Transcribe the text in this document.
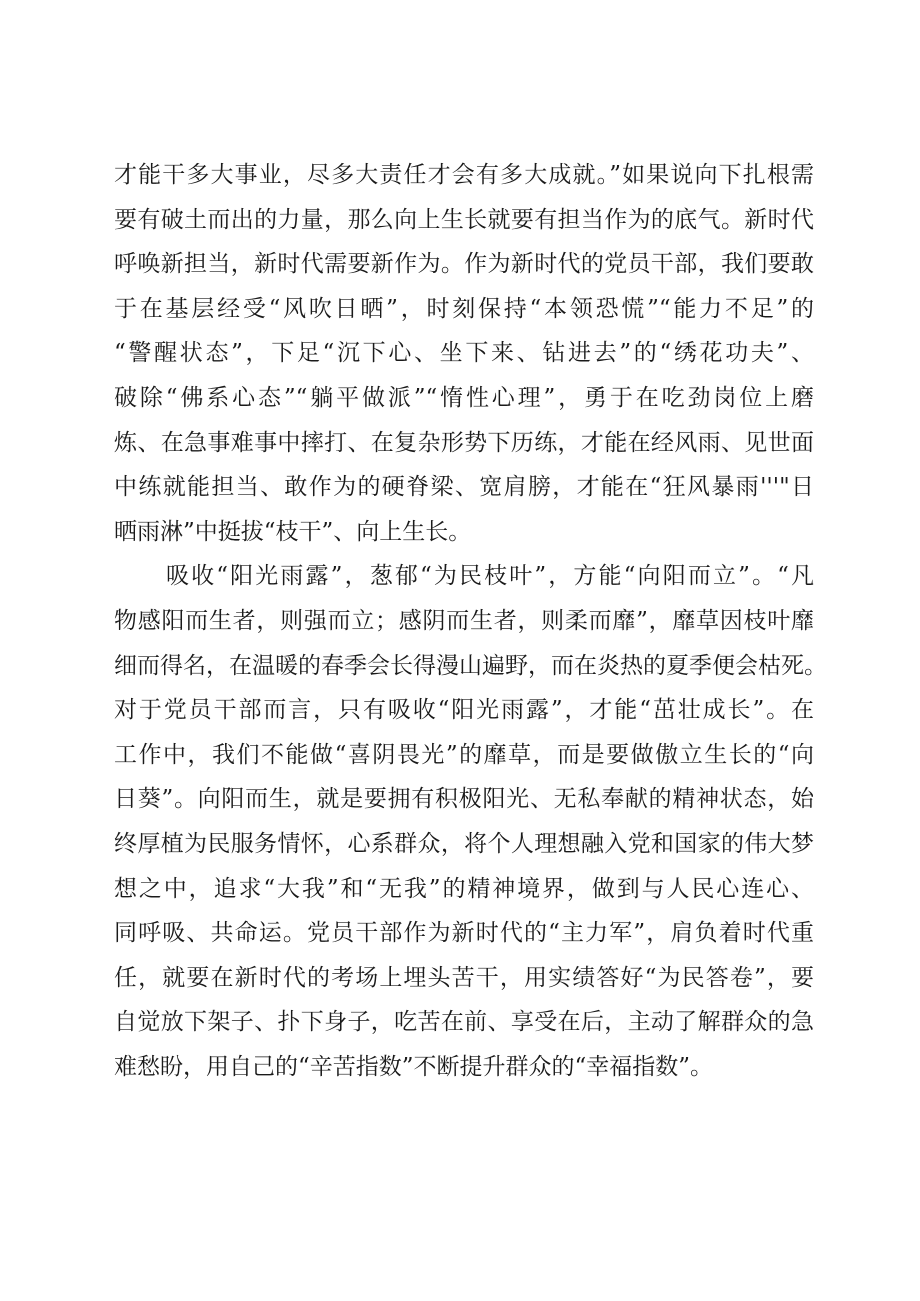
才能干多大事业，尽多大责任才会有多大成就。”如果说向下扎根需
要有破土而出的力量，那么向上生长就要有担当作为的底气。新时代
呼唤新担当，新时代需要新作为。作为新时代的党员干部，我们要敢
于在基层经受“风吹日晒”，时刻保持“本领恐慌”“能力不足”的
“警醒状态”，下足“沉下心、坐下来、钻进去”的“绣花功夫”、
破除“佛系心态”“躺平做派”“惰性心理”，勇于在吃劲岗位上磨
炼、在急事难事中摔打、在复杂形势下历练，才能在经风雨、见世面
中练就能担当、敢作为的硬脊梁、宽肩膀，才能在“狂风暴雨'''"日
晒雨淋”中挺拔“枝干”、向上生长。
吸收“阳光雨露”，葱郁“为民枝叶”，方能“向阳而立”。“凡
物感阳而生者，则强而立；感阴而生者，则柔而靡”，靡草因枝叶靡
细而得名，在温暖的春季会长得漫山遍野，而在炎热的夏季便会枯死。
对于党员干部而言，只有吸收“阳光雨露”，才能“茁壮成长”。在
工作中，我们不能做“喜阴畏光”的靡草，而是要做傲立生长的“向
日葵”。向阳而生，就是要拥有积极阳光、无私奉献的精神状态，始
终厚植为民服务情怀，心系群众，将个人理想融入党和国家的伟大梦
想之中，追求“大我”和“无我”的精神境界，做到与人民心连心、
同呼吸、共命运。党员干部作为新时代的“主力军”，肩负着时代重
任，就要在新时代的考场上埋头苦干，用实绩答好“为民答卷”，要
自觉放下架子、扑下身子，吃苦在前、享受在后，主动了解群众的急
难愁盼，用自己的“辛苦指数”不断提升群众的“幸福指数”。
